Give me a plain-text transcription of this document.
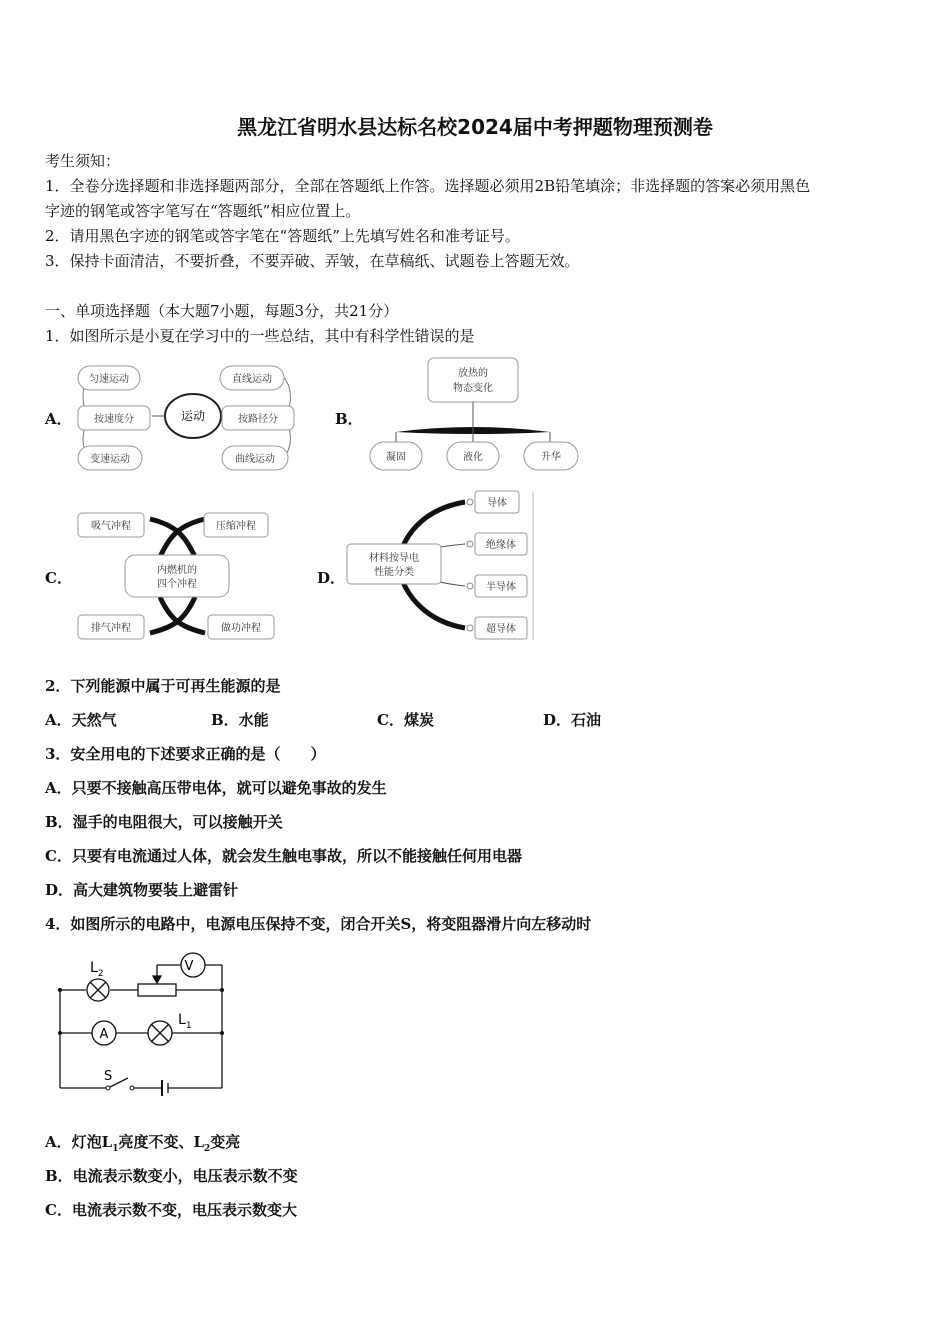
黑龙江省明水县达标名校2024届中考押题物理预测卷
考生须知：
1．全卷分选择题和非选择题两部分，全部在答题纸上作答。选择题必须用2B铅笔填涂；非选择题的答案必须用黑色
字迹的钢笔或答字笔写在“答题纸”相应位置上。
2．请用黑色字迹的钢笔或答字笔在“答题纸”上先填写姓名和准考证号。
3．保持卡面清洁，不要折叠，不要弄破、弄皱，在草稿纸、试题卷上答题无效。
一、单项选择题（本大题7小题，每题3分，共21分）
1．如图所示是小夏在学习中的一些总结，其中有科学性错误的是
A．	B．
C．	D．
运动
匀速运动
按速度分
变速运动
直线运动
按路径分
曲线运动
放热的
物态变化
凝固	液化	升华
吸气冲程	压缩冲程
内燃机的
四个冲程
排气冲程	做功冲程
材料按导电
性能分类
导体
绝缘体
半导体
超导体
2．下列能源中属于可再生能源的是
A．天然气	B．水能	C．煤炭	D．石油
3．安全用电的下述要求正确的是（　　）
A．只要不接触高压带电体，就可以避免事故的发生
B．湿手的电阻很大，可以接触开关
C．只要有电流通过人体，就会发生触电事故，所以不能接触任何用电器
D．高大建筑物要装上避雷针
4．如图所示的电路中，电源电压保持不变，闭合开关S，将变阻器滑片向左移动时
$L_2$	V
A
$L_1$
S
A．灯泡$L_1$亮度不变、$L_2$变亮
B．电流表示数变小，电压表示数不变
C．电流表示数不变，电压表示数变大
